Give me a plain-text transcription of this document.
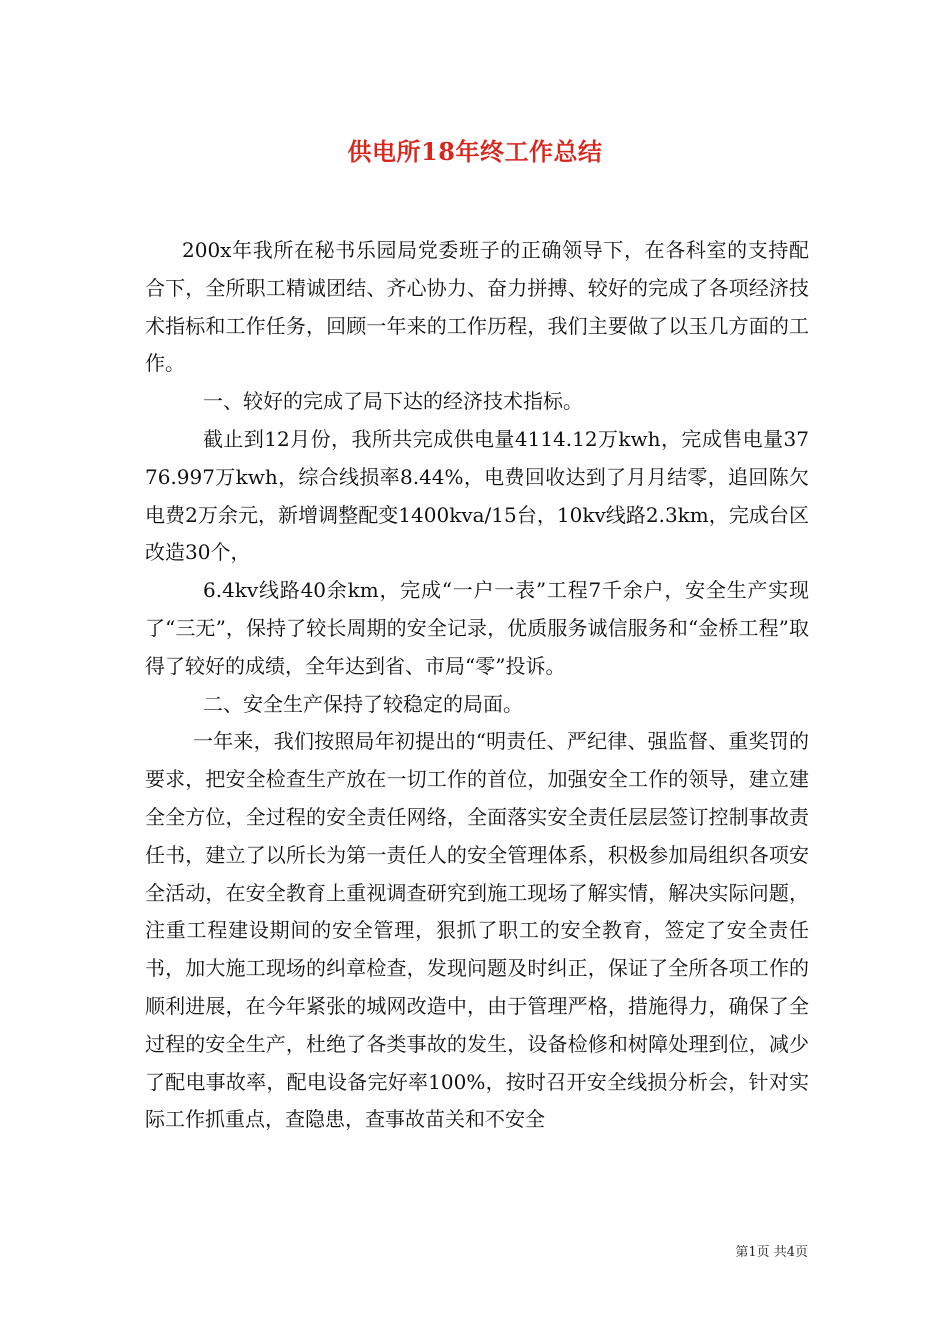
供电所18年终工作总结

200x年我所在秘书乐园局党委班子的正确领导下，在各科室的支持配合下，全所职工精诚团结、齐心协力、奋力拼搏、较好的完成了各项经济技术指标和工作任务，回顾一年来的工作历程，我们主要做了以玉几方面的工作。

一、较好的完成了局下达的经济技术指标。

截止到12月份，我所共完成供电量4114.12万kwh，完成售电量3776.997万kwh，综合线损率8.44%，电费回收达到了月月结零，追回陈欠电费2万余元，新增调整配变1400kva/15台，10kv线路2.3km，完成台区改造30个，

6.4kv线路40余km，完成“一户一表”工程7千余户，安全生产实现了“三无”，保持了较长周期的安全记录，优质服务诚信服务和“金桥工程”取得了较好的成绩，全年达到省、市局“零”投诉。

二、安全生产保持了较稳定的局面。

一年来，我们按照局年初提出的“明责任、严纪律、强监督、重奖罚的要求，把安全检查生产放在一切工作的首位，加强安全工作的领导，建立建全全方位，全过程的安全责任网络，全面落实安全责任层层签订控制事故责任书，建立了以所长为第一责任人的安全管理体系，积极参加局组织各项安全活动，在安全教育上重视调查研究到施工现场了解实情，解决实际问题，注重工程建设期间的安全管理，狠抓了职工的安全教育，签定了安全责任书，加大施工现场的纠章检查，发现问题及时纠正，保证了全所各项工作的顺利进展，在今年紧张的城网改造中，由于管理严格，措施得力，确保了全过程的安全生产，杜绝了各类事故的发生，设备检修和树障处理到位，减少了配电事故率，配电设备完好率100%，按时召开安全线损分析会，针对实际工作抓重点，查隐患，查事故苗关和不安全

第1页 共4页
